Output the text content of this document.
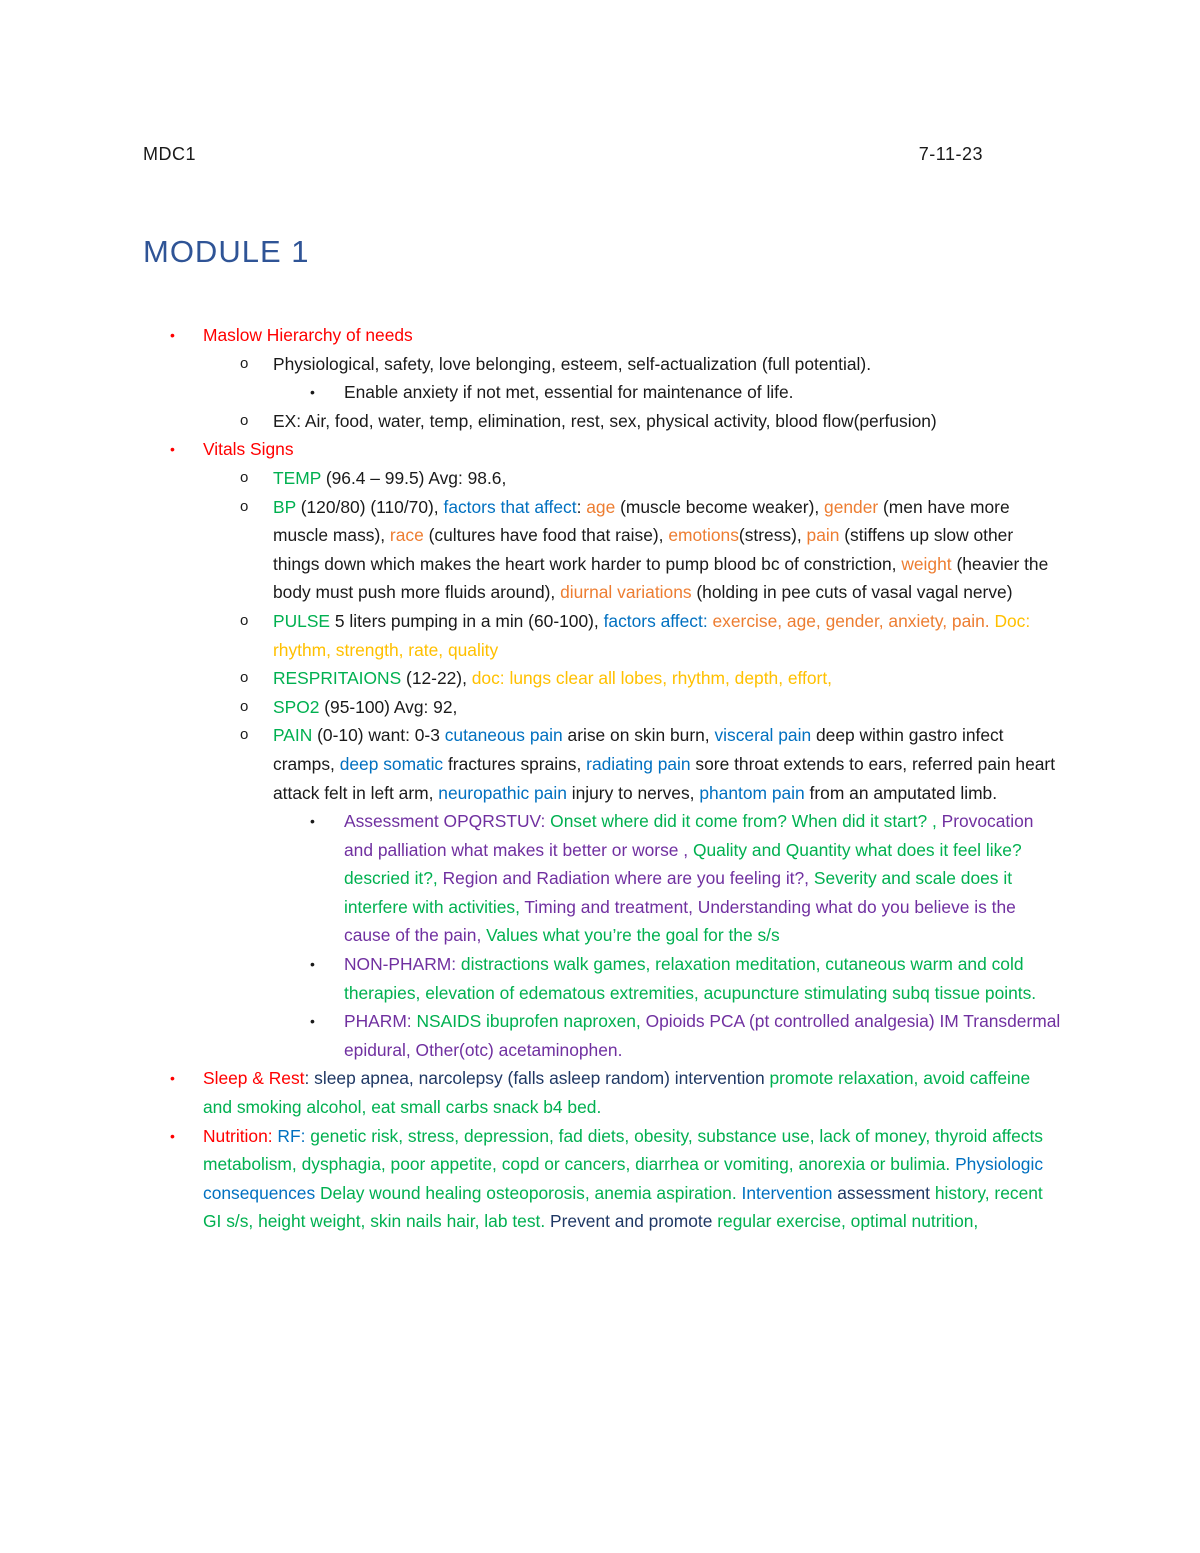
MDC1	7-11-23
MODULE 1
• Maslow Hierarchy of needs
o Physiological, safety, love belonging, esteem, self-actualization (full potential).
• Enable anxiety if not met, essential for maintenance of life.
o EX: Air, food, water, temp, elimination, rest, sex, physical activity, blood flow(perfusion)
• Vitals Signs
o TEMP (96.4 – 99.5) Avg: 98.6,
o BP (120/80) (110/70), factors that affect: age (muscle become weaker), gender (men have more muscle mass), race (cultures have food that raise), emotions(stress), pain (stiffens up slow other things down which makes the heart work harder to pump blood bc of constriction, weight (heavier the body must push more fluids around), diurnal variations (holding in pee cuts of vasal vagal nerve)
o PULSE 5 liters pumping in a min (60-100), factors affect: exercise, age, gender, anxiety, pain. Doc: rhythm, strength, rate, quality
o RESPRITAIONS (12-22), doc: lungs clear all lobes, rhythm, depth, effort,
o SPO2 (95-100) Avg: 92,
o PAIN (0-10) want: 0-3 cutaneous pain arise on skin burn, visceral pain deep within gastro infect cramps, deep somatic fractures sprains, radiating pain sore throat extends to ears, referred pain heart attack felt in left arm, neuropathic pain injury to nerves, phantom pain from an amputated limb.
• Assessment OPQRSTUV: Onset where did it come from? When did it start? , Provocation and palliation what makes it better or worse , Quality and Quantity what does it feel like? descried it?, Region and Radiation where are you feeling it?, Severity and scale does it interfere with activities, Timing and treatment, Understanding what do you believe is the cause of the pain, Values what you’re the goal for the s/s
• NON-PHARM: distractions walk games, relaxation meditation, cutaneous warm and cold therapies, elevation of edematous extremities, acupuncture stimulating subq tissue points.
• PHARM: NSAIDS ibuprofen naproxen, Opioids PCA (pt controlled analgesia) IM Transdermal epidural, Other(otc) acetaminophen.
• Sleep & Rest: sleep apnea, narcolepsy (falls asleep random) intervention promote relaxation, avoid caffeine and smoking alcohol, eat small carbs snack b4 bed.
• Nutrition: RF: genetic risk, stress, depression, fad diets, obesity, substance use, lack of money, thyroid affects metabolism, dysphagia, poor appetite, copd or cancers, diarrhea or vomiting, anorexia or bulimia. Physiologic consequences Delay wound healing osteoporosis, anemia aspiration. Intervention assessment history, recent GI s/s, height weight, skin nails hair, lab test. Prevent and promote regular exercise, optimal nutrition,
